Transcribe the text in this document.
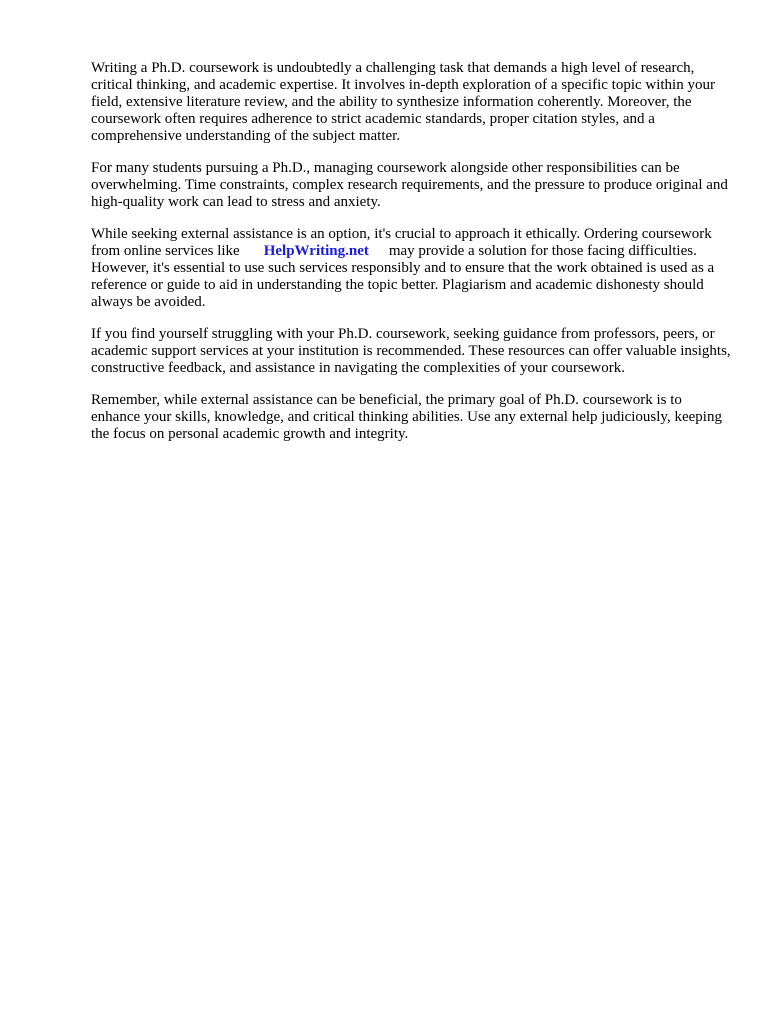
Writing a Ph.D. coursework is undoubtedly a challenging task that demands a high level of research, critical thinking, and academic expertise. It involves in-depth exploration of a specific topic within your field, extensive literature review, and the ability to synthesize information coherently. Moreover, the coursework often requires adherence to strict academic standards, proper citation styles, and a comprehensive understanding of the subject matter.

For many students pursuing a Ph.D., managing coursework alongside other responsibilities can be overwhelming. Time constraints, complex research requirements, and the pressure to produce original and high-quality work can lead to stress and anxiety.

While seeking external assistance is an option, it's crucial to approach it ethically. Ordering coursework from online services like HelpWriting.net may provide a solution for those facing difficulties. However, it's essential to use such services responsibly and to ensure that the work obtained is used as a reference or guide to aid in understanding the topic better. Plagiarism and academic dishonesty should always be avoided.

If you find yourself struggling with your Ph.D. coursework, seeking guidance from professors, peers, or academic support services at your institution is recommended. These resources can offer valuable insights, constructive feedback, and assistance in navigating the complexities of your coursework.

Remember, while external assistance can be beneficial, the primary goal of Ph.D. coursework is to enhance your skills, knowledge, and critical thinking abilities. Use any external help judiciously, keeping the focus on personal academic growth and integrity.
